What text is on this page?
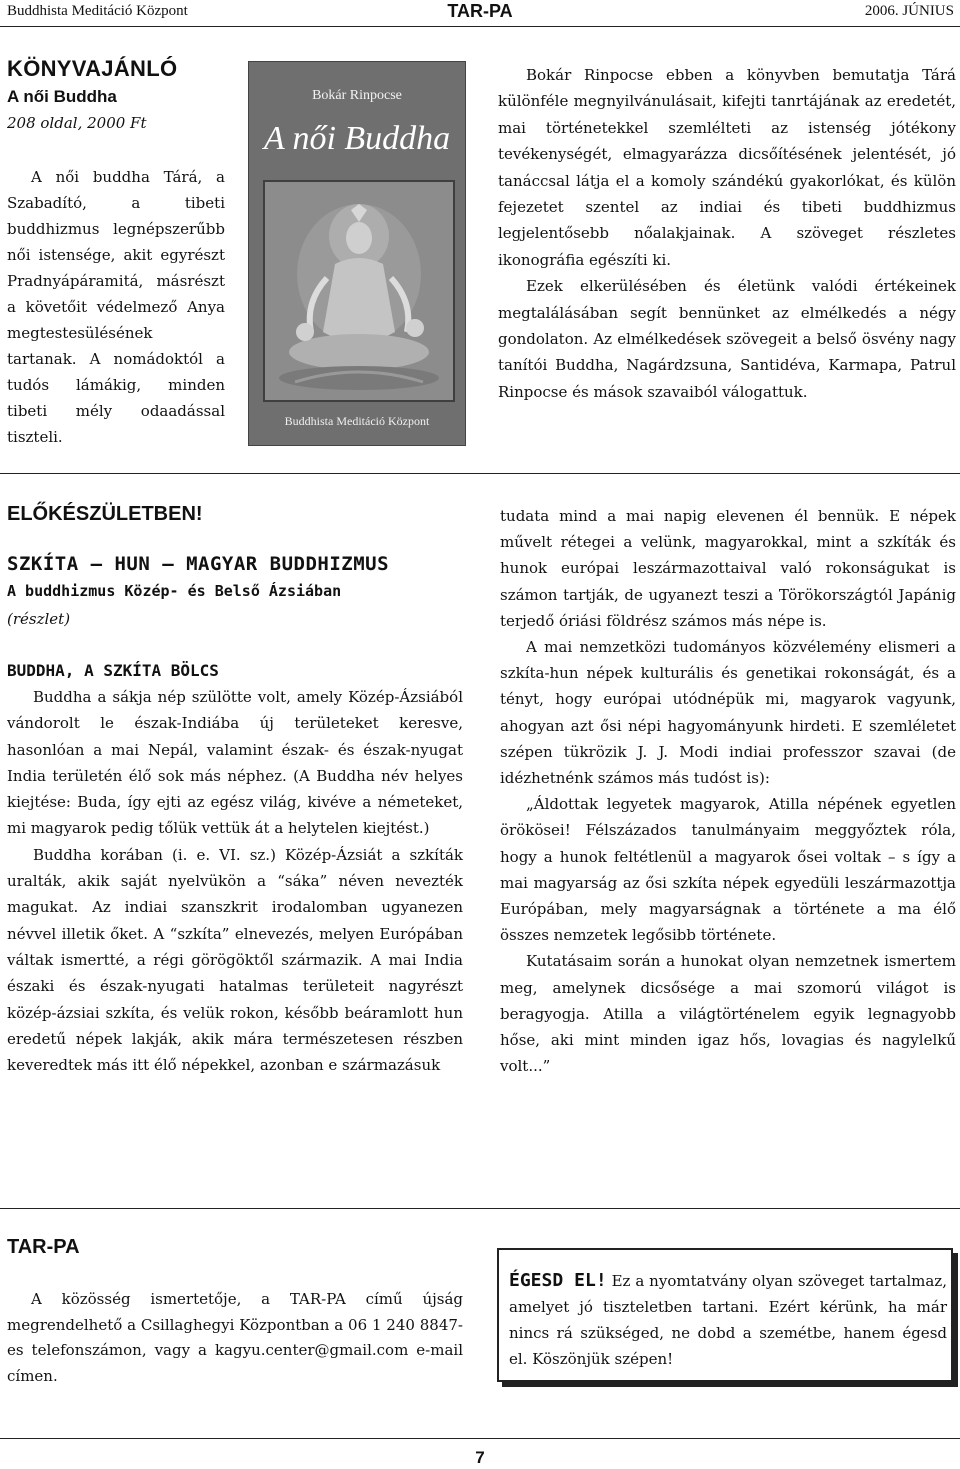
Buddhista Meditáció Központ	TAR-PA	2006. JÚNIUS
KÖNYVAJÁNLÓ
A női Buddha
208 oldal, 2000 Ft

A női buddha Tárá, a Szabadító, a tibeti buddhizmus legnépszerűbb női istensége, akit egyrészt Pradnyápáramitá, másrészt a követőit védelmező Anya megtestesülésének tartanak. A nomádoktól a tudós lámákig, minden tibeti mély odaadással tiszteli.

Bokár Rinpocse
A női Buddha
Buddhista Meditáció Központ

Bokár Rinpocse ebben a könyvben bemutatja Tárá különféle megnyilvánulásait, kifejti tanrtájának az eredetét, mai történetekkel szemlélteti az istenség jótékony tevékenységét, elmagyarázza dicsőítésének jelentését, jó tanáccsal látja el a komoly szándékú gyakorlókat, és külön fejezetet szentel az indiai és tibeti buddhizmus legjelentősebb nőalakjainak. A szöveget részletes ikonográfia egészíti ki.

Ezek elkerülésében és életünk valódi értékeinek megtalálásában segít bennünket az elmélkedés a négy gondolaton. Az elmélkedések szövegeit a belső ösvény nagy tanítói Buddha, Nagárdzsuna, Santidéva, Karmapa, Patrul Rinpocse és mások szavaiból válogattuk.

ELŐKÉSZÜLETBEN!
SZKÍTA — HUN — MAGYAR BUDDHIZMUS
A buddhizmus Közép- és Belső Ázsiában
(részlet)
BUDDHA, A SZKÍTA BÖLCS

Buddha a sákja nép szülötte volt, amely Közép-Ázsiából vándorolt le észak-Indiába új területeket keresve, hasonlóan a mai Nepál, valamint észak- és észak-nyugat India területén élő sok más néphez. (A Buddha név helyes kiejtése: Buda, így ejti az egész világ, kivéve a németeket, mi magyarok pedig tőlük vettük át a helytelen kiejtést.)

Buddha korában (i. e. VI. sz.) Közép-Ázsiát a szkíták uralták, akik saját nyelvükön a “sáka” néven nevezték magukat. Az indiai szanszkrit irodalomban ugyanezen névvel illetik őket. A “szkíta” elnevezés, melyen Európában váltak ismertté, a régi görögöktől származik. A mai India északi és észak-nyugati hatalmas területeit nagyrészt közép-ázsiai szkíta, és velük rokon, később beáramlott hun eredetű népek lakják, akik mára természetesen részben keveredtek más itt élő népekkel, azonban e származásuk

tudata mind a mai napig elevenen él bennük. E népek művelt rétegei a velünk, magyarokkal, mint a szkíták és hunok európai leszármazottaival való rokonságukat is számon tartják, de ugyanezt teszi a Törökországtól Japánig terjedő óriási földrész számos más népe is.

A mai nemzetközi tudományos közvélemény elismeri a szkíta-hun népek kulturális és genetikai rokonságát, és a tényt, hogy európai utódnépük mi, magyarok vagyunk, ahogyan azt ősi népi hagyományunk hirdeti. E szemléletet szépen tükrözik J. J. Modi indiai professzor szavai (de idézhetnénk számos más tudóst is):

„Áldottak legyetek magyarok, Atilla népének egyetlen örökösei! Félszázados tanulmányaim meggyőztek róla, hogy a hunok feltétlenül a magyarok ősei voltak – s így a mai magyarság az ősi szkíta népek egyedüli leszármazottja Európában, mely magyarságnak a története a ma élő összes nemzetek legősibb története.

Kutatásaim során a hunokat olyan nemzetnek ismertem meg, amelynek dicsősége a mai szomorú világot is beragyogja. Atilla a világtörténelem egyik legnagyobb hőse, aki mint minden igaz hős, lovagias és nagylelkű volt...”

TAR-PA

A közösség ismertetője, a TAR-PA című újság megrendelhető a Csillaghegyi Központban a 06 1 240 8847-es telefonszámon, vagy a kagyu.center@gmail.com e-mail címen.

ÉGESD EL! Ez a nyomtatvány olyan szöveget tartalmaz, amelyet jó tiszteletben tartani. Ezért kérünk, ha már nincs rá szükséged, ne dobd a szemétbe, hanem égesd el. Köszönjük szépen!
7
